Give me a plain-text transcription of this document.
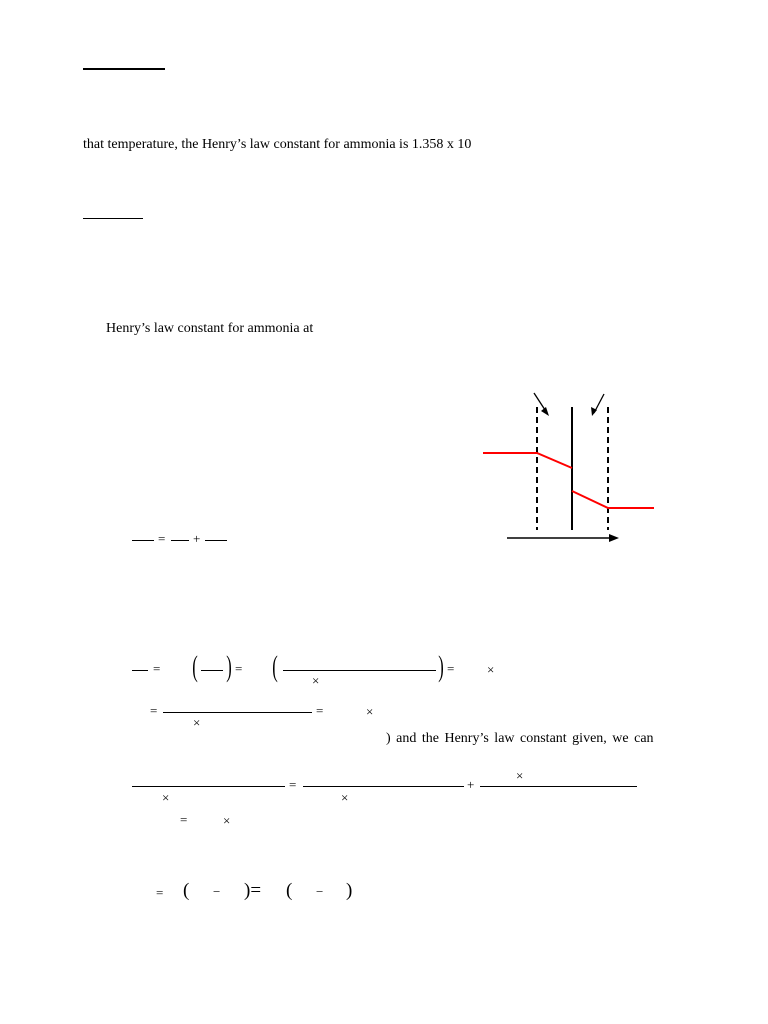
that temperature, the Henry’s law constant for ammonia is 1.358 x 10
Henry’s law constant for ammonia at
) and the Henry’s law constant given, we can
= +
= ( ) = (	×	) =	×
=
×
=	×
×
×
=
×
+
=	×
= ( − )= ( − )
